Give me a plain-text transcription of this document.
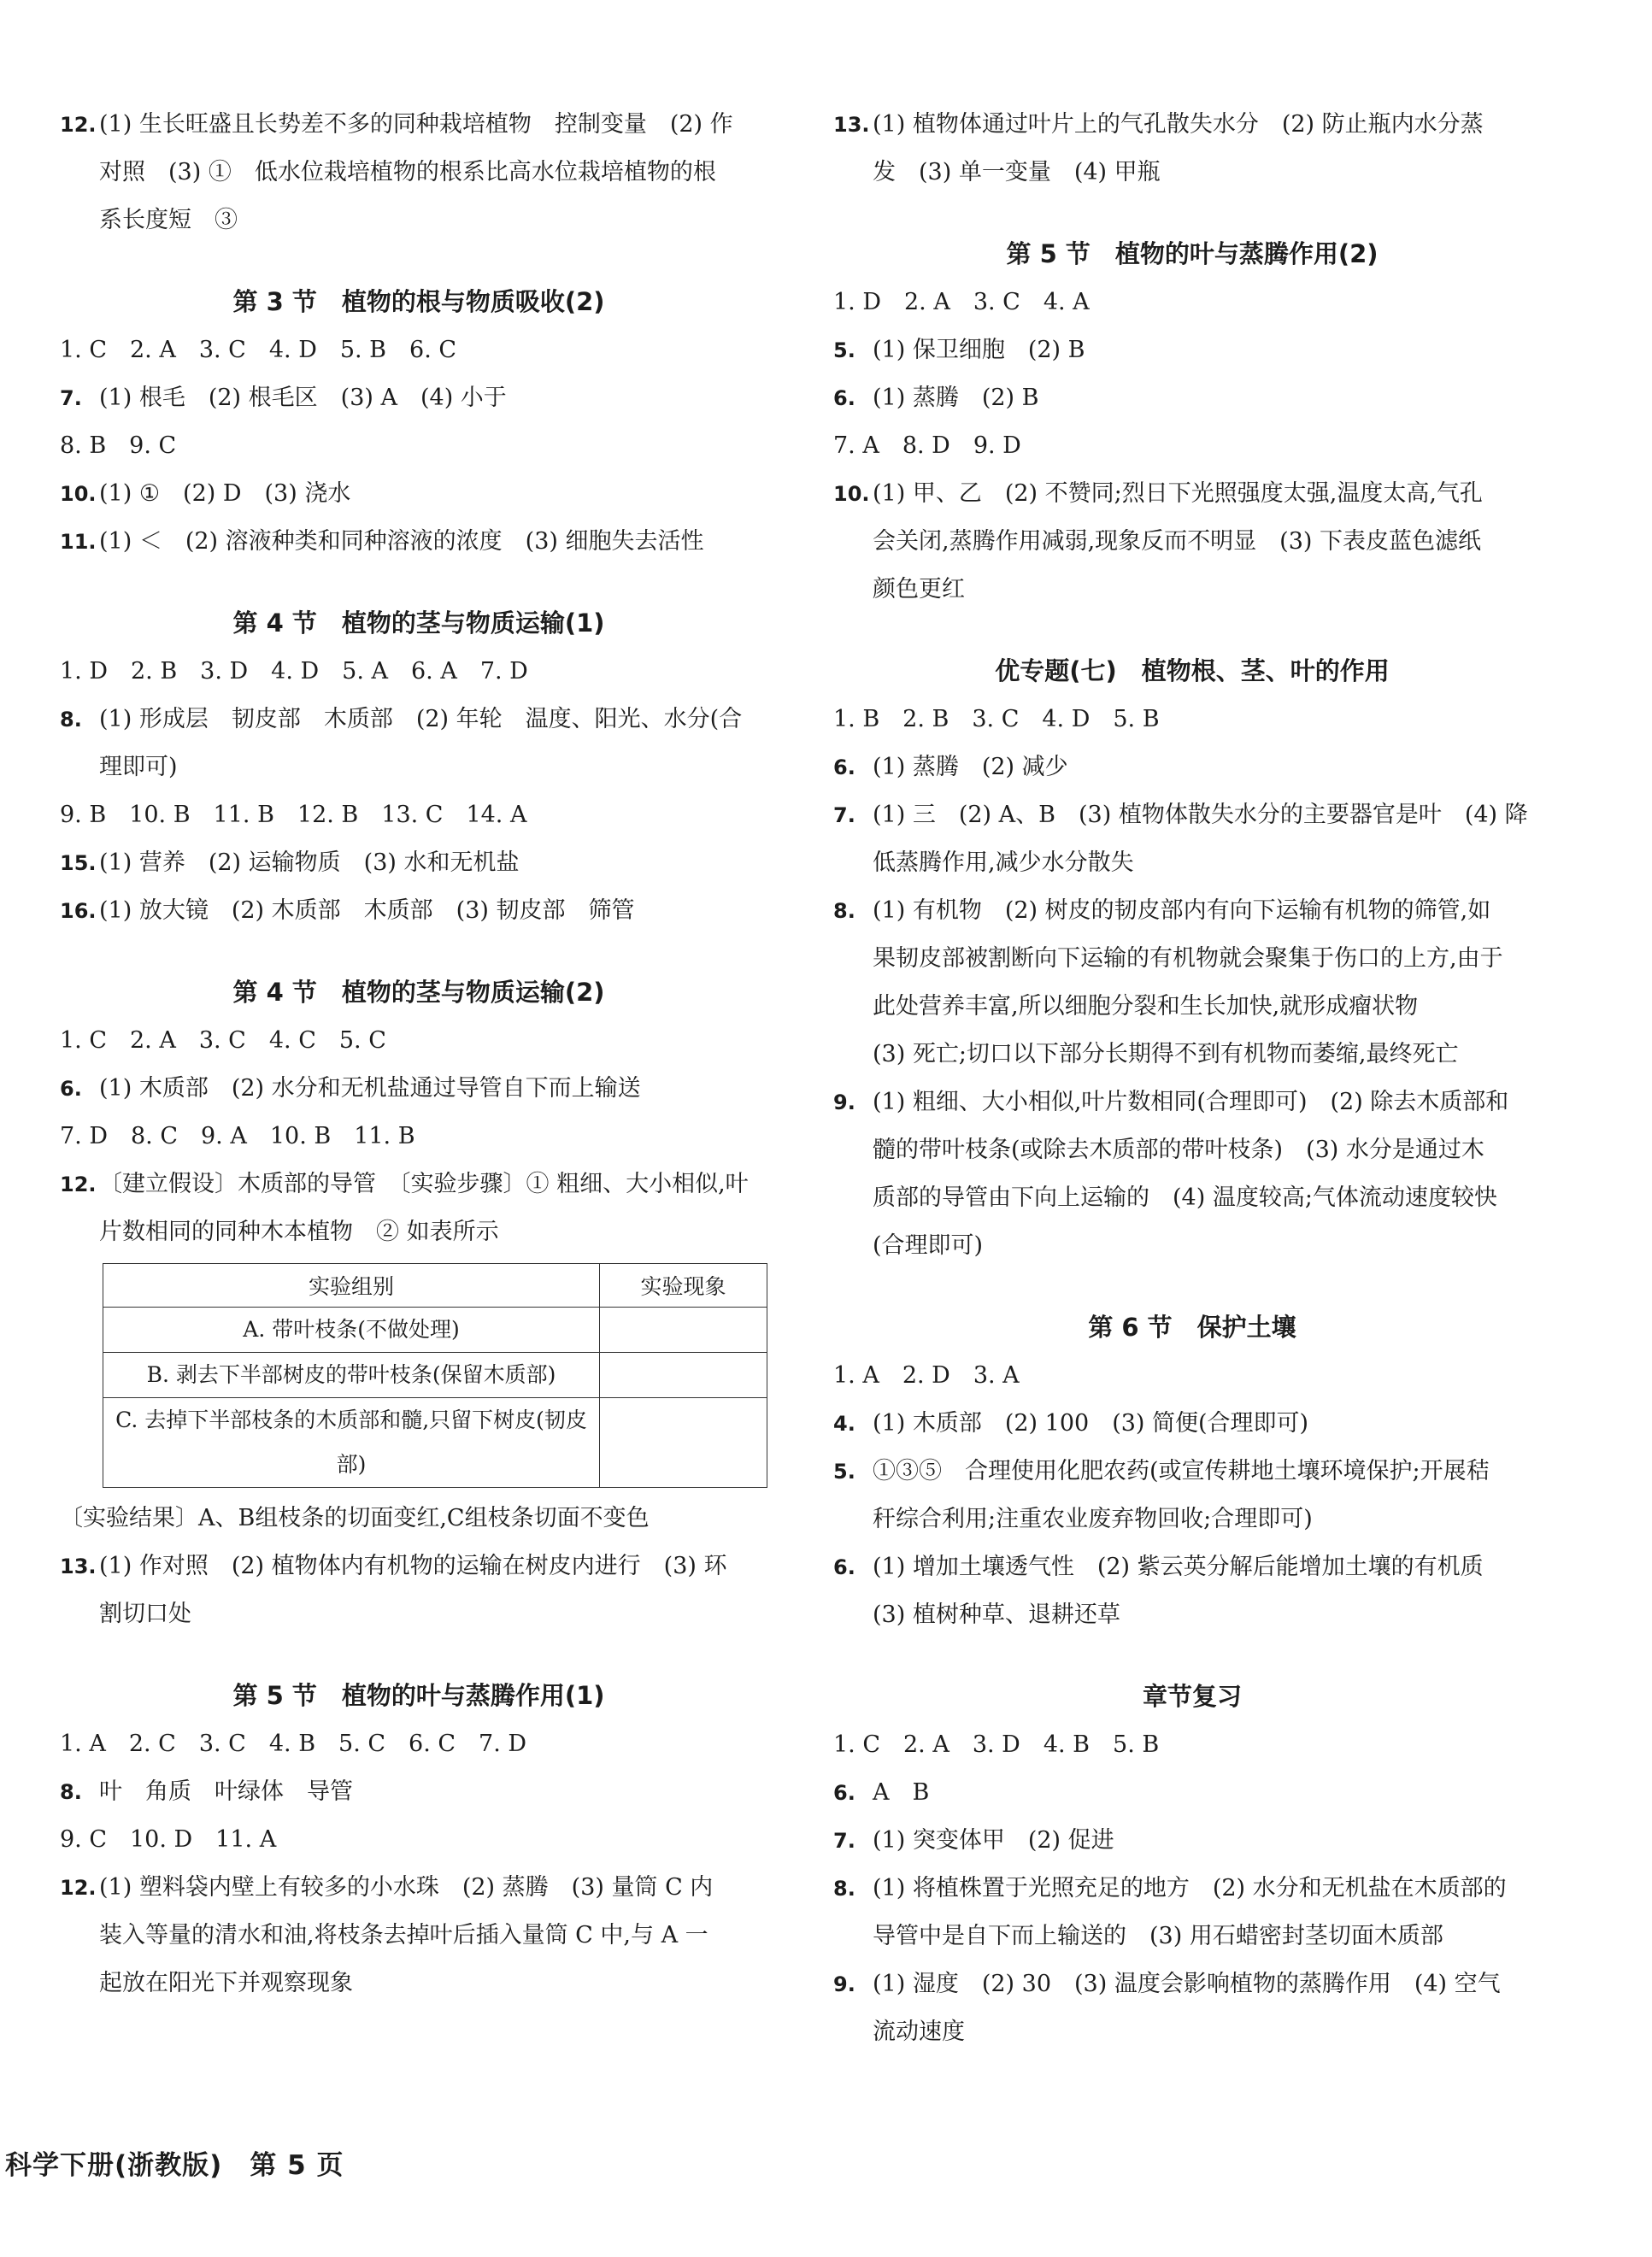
12. (1) 生长旺盛且长势差不多的同种栽培植物　控制变量　(2) 作
对照　(3) ①　低水位栽培植物的根系比高水位栽培植物的根
系长度短　③
第 3 节　植物的根与物质吸收(2)
1. C　2. A　3. C　4. D　5. B　6. C
7. (1) 根毛　(2) 根毛区　(3) A　(4) 小于
8. B　9. C
10. (1) ①　(2) D　(3) 浇水
11. (1) ＜　(2) 溶液种类和同种溶液的浓度　(3) 细胞失去活性
第 4 节　植物的茎与物质运输(1)
1. D　2. B　3. D　4. D　5. A　6. A　7. D
8. (1) 形成层　韧皮部　木质部　(2) 年轮　温度、阳光、水分(合
理即可)
9. B　10. B　11. B　12. B　13. C　14. A
15. (1) 营养　(2) 运输物质　(3) 水和无机盐
16. (1) 放大镜　(2) 木质部　木质部　(3) 韧皮部　筛管
第 4 节　植物的茎与物质运输(2)
1. C　2. A　3. C　4. C　5. C
6. (1) 木质部　(2) 水分和无机盐通过导管自下而上输送
7. D　8. C　9. A　10. B　11. B
12. 〔建立假设〕木质部的导管　〔实验步骤〕① 粗细、大小相似,叶
片数相同的同种木本植物　② 如表所示
实验组别	实验现象
A. 带叶枝条(不做处理)	
B. 剥去下半部树皮的带叶枝条(保留木质部)	
C. 去掉下半部枝条的木质部和髓,只留下树皮(韧皮部)	
〔实验结果〕A、B组枝条的切面变红,C组枝条切面不变色
13. (1) 作对照　(2) 植物体内有机物的运输在树皮内进行　(3) 环
割切口处
第 5 节　植物的叶与蒸腾作用(1)
1. A　2. C　3. C　4. B　5. C　6. C　7. D
8. 叶　角质　叶绿体　导管
9. C　10. D　11. A
12. (1) 塑料袋内壁上有较多的小水珠　(2) 蒸腾　(3) 量筒 C 内
装入等量的清水和油,将枝条去掉叶后插入量筒 C 中,与 A 一
起放在阳光下并观察现象
13. (1) 植物体通过叶片上的气孔散失水分　(2) 防止瓶内水分蒸
发　(3) 单一变量　(4) 甲瓶
第 5 节　植物的叶与蒸腾作用(2)
1. D　2. A　3. C　4. A
5. (1) 保卫细胞　(2) B
6. (1) 蒸腾　(2) B
7. A　8. D　9. D
10. (1) 甲、乙　(2) 不赞同;烈日下光照强度太强,温度太高,气孔
会关闭,蒸腾作用减弱,现象反而不明显　(3) 下表皮蓝色滤纸
颜色更红
优专题(七)　植物根、茎、叶的作用
1. B　2. B　3. C　4. D　5. B
6. (1) 蒸腾　(2) 减少
7. (1) 三　(2) A、B　(3) 植物体散失水分的主要器官是叶　(4) 降
低蒸腾作用,减少水分散失
8. (1) 有机物　(2) 树皮的韧皮部内有向下运输有机物的筛管,如
果韧皮部被割断向下运输的有机物就会聚集于伤口的上方,由于
此处营养丰富,所以细胞分裂和生长加快,就形成瘤状物
(3) 死亡;切口以下部分长期得不到有机物而萎缩,最终死亡
9. (1) 粗细、大小相似,叶片数相同(合理即可)　(2) 除去木质部和
髓的带叶枝条(或除去木质部的带叶枝条)　(3) 水分是通过木
质部的导管由下向上运输的　(4) 温度较高;气体流动速度较快
(合理即可)
第 6 节　保护土壤
1. A　2. D　3. A
4. (1) 木质部　(2) 100　(3) 简便(合理即可)
5. ①③⑤　合理使用化肥农药(或宣传耕地土壤环境保护;开展秸
秆综合利用;注重农业废弃物回收;合理即可)
6. (1) 增加土壤透气性　(2) 紫云英分解后能增加土壤的有机质
(3) 植树种草、退耕还草
章节复习
1. C　2. A　3. D　4. B　5. B
6. A　B
7. (1) 突变体甲　(2) 促进
8. (1) 将植株置于光照充足的地方　(2) 水分和无机盐在木质部的
导管中是自下而上输送的　(3) 用石蜡密封茎切面木质部
9. (1) 湿度　(2) 30　(3) 温度会影响植物的蒸腾作用　(4) 空气
流动速度
科学下册(浙教版)　第 5 页
